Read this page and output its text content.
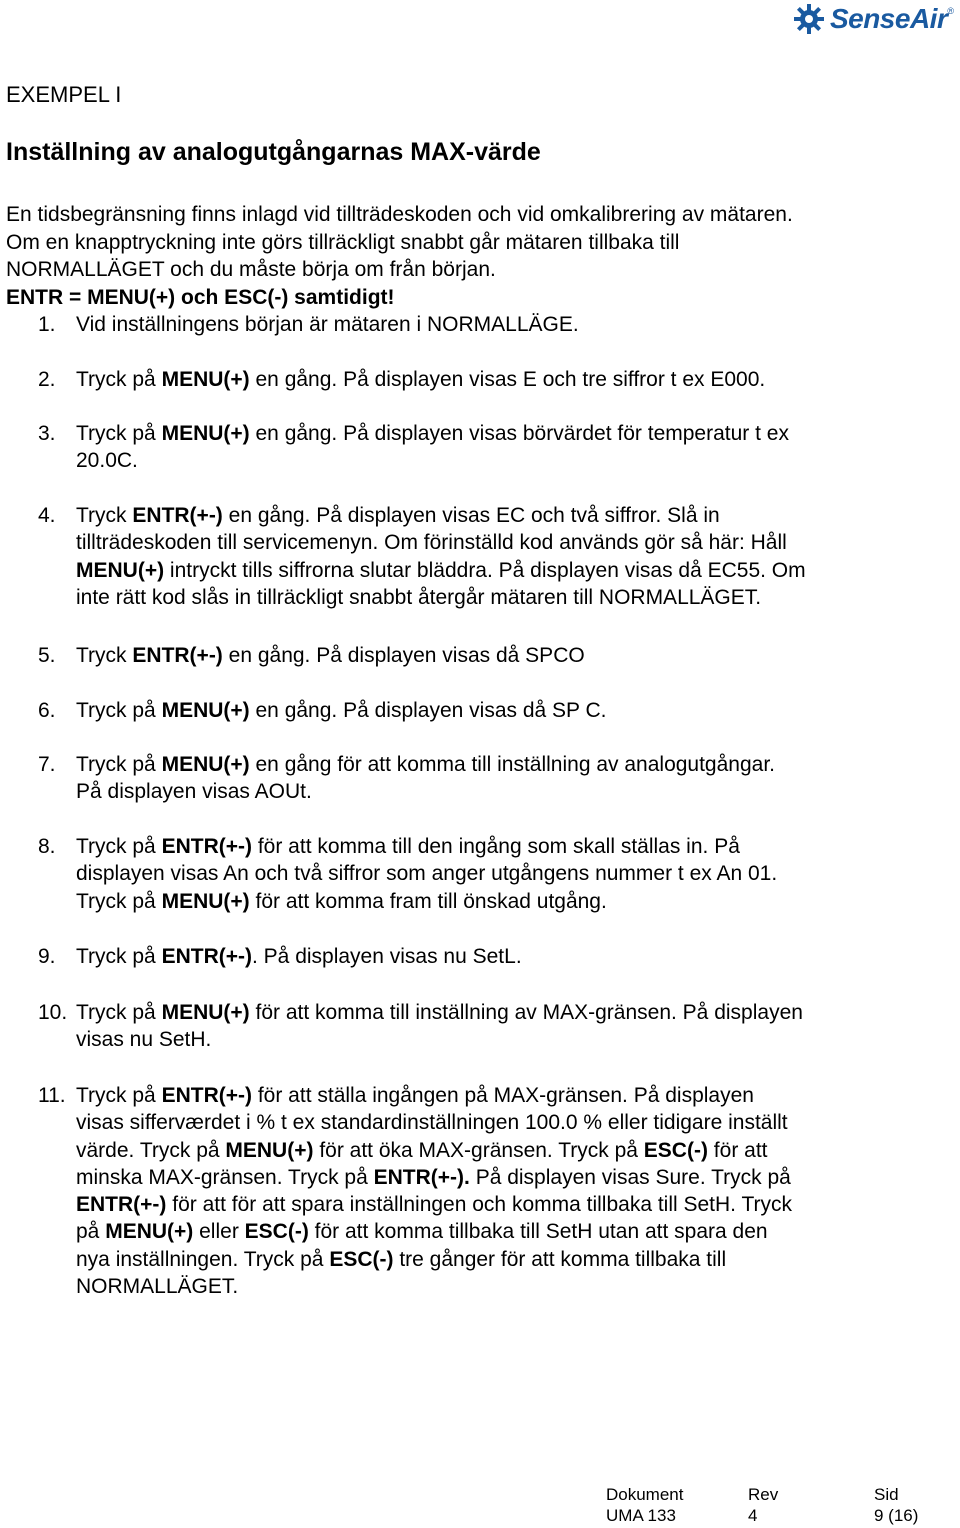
SenseAir ®
EXEMPEL I
Inställning av analogutgångarnas MAX-värde
En tidsbegränsning finns inlagd vid tillträdeskoden och vid omkalibrering av mätaren.
Om en knapptryckning inte görs tillräckligt snabbt går mätaren tillbaka till
NORMALLÄGET och du måste börja om från början.
ENTR = MENU(+) och ESC(-) samtidigt!
1. Vid inställningens början är mätaren i NORMALLÄGE.
2. Tryck på MENU(+) en gång. På displayen visas E och tre siffror t ex E000.
3. Tryck på MENU(+) en gång. På displayen visas börvärdet för temperatur t ex
20.0C.
4. Tryck ENTR(+-) en gång. På displayen visas EC och två siffror. Slå in
tillträdeskoden till servicemenyn. Om förinställd kod används gör så här: Håll
MENU(+) intryckt tills siffrorna slutar bläddra. På displayen visas då EC55. Om
inte rätt kod slås in tillräckligt snabbt återgår mätaren till NORMALLÄGET.
5. Tryck ENTR(+-) en gång. På displayen visas då SPCO
6. Tryck på MENU(+) en gång. På displayen visas då SP C.
7. Tryck på MENU(+) en gång för att komma till inställning av analogutgångar.
På displayen visas AOUt.
8. Tryck på ENTR(+-) för att komma till den ingång som skall ställas in. På
displayen visas An och två siffror som anger utgångens nummer t ex An 01.
Tryck på MENU(+) för att komma fram till önskad utgång.
9. Tryck på ENTR(+-). På displayen visas nu SetL.
10. Tryck på MENU(+) för att komma till inställning av MAX-gränsen. På displayen
visas nu SetH.
11. Tryck på ENTR(+-) för att ställa ingången på MAX-gränsen. På displayen
visas sifferværdet i % t ex standardinställningen 100.0 % eller tidigare inställt
värde. Tryck på MENU(+) för att öka MAX-gränsen. Tryck på ESC(-) för att
minska MAX-gränsen. Tryck på ENTR(+-). På displayen visas Sure. Tryck på
ENTR(+-) för att för att spara inställningen och komma tillbaka till SetH. Tryck
på MENU(+) eller ESC(-) för att komma tillbaka till SetH utan att spara den
nya inställningen. Tryck på ESC(-) tre gånger för att komma tillbaka till
NORMALLÄGET.
Dokument	Rev	Sid
UMA 133	4	9 (16)
